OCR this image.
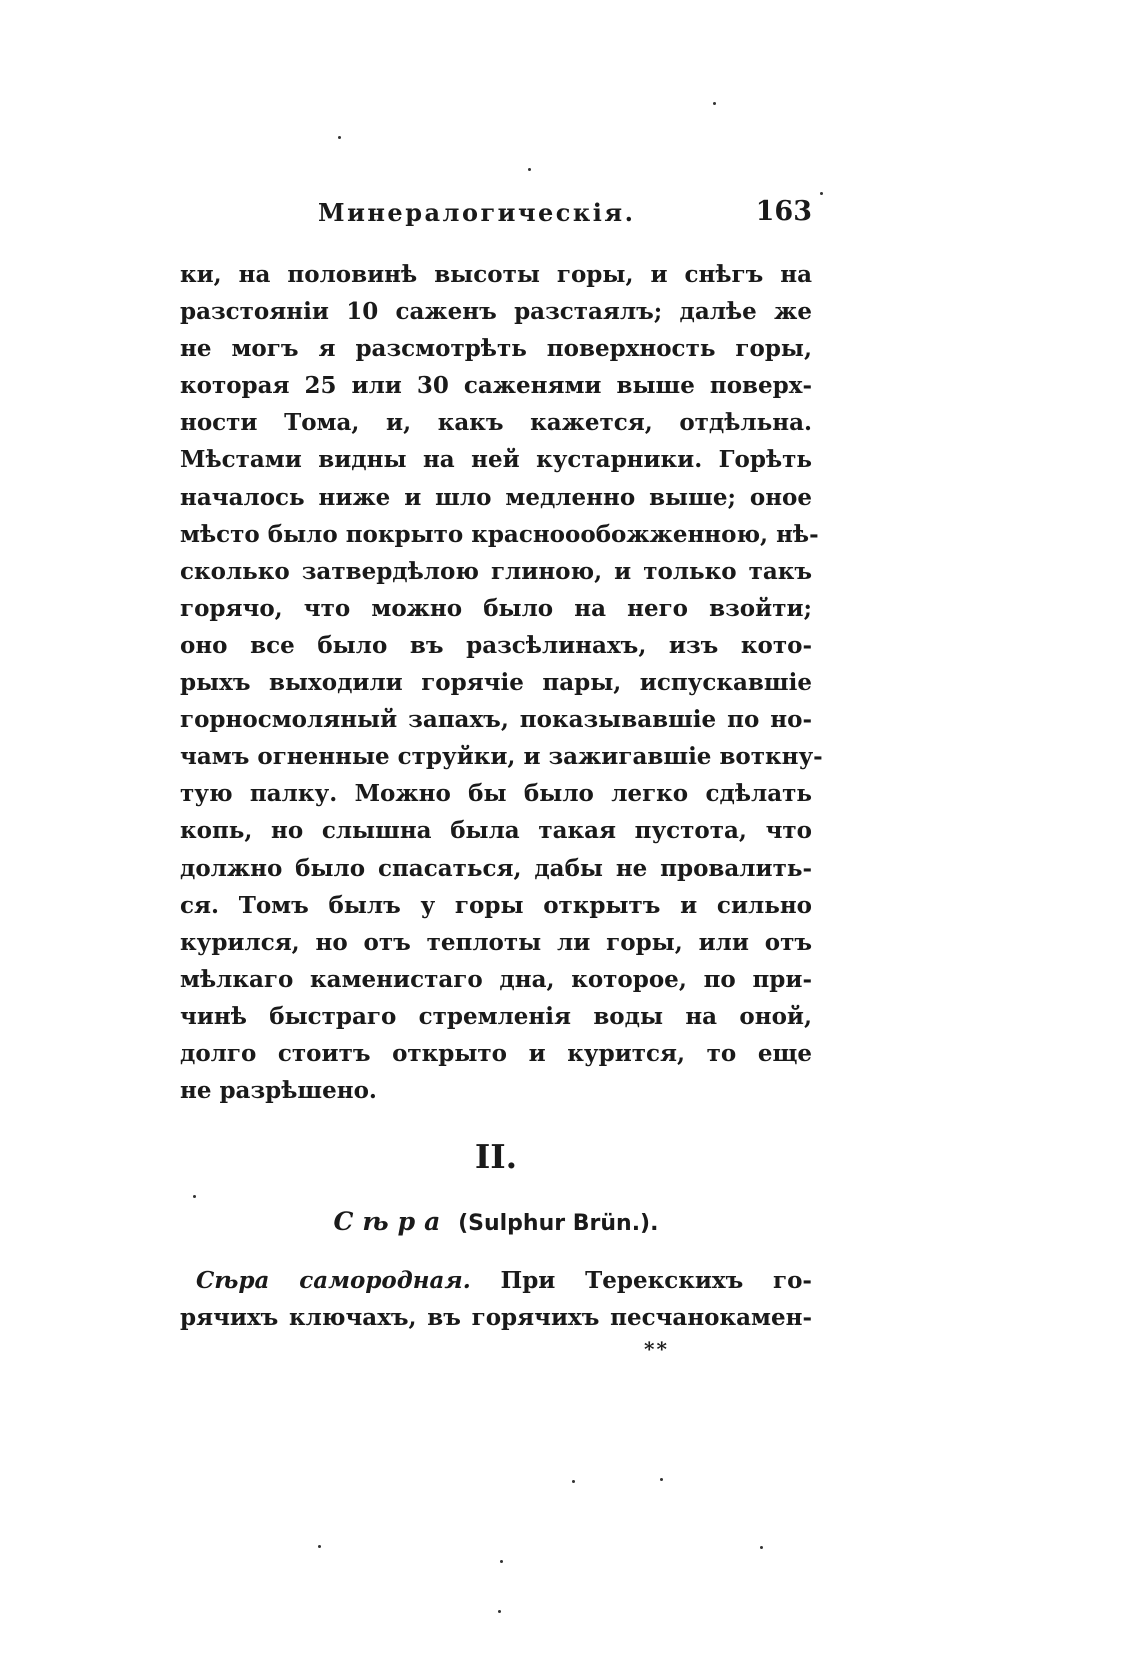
Минералогическія.	163
ки, на половинѣ высоты горы, и снѣгъ на
разстояніи 10 саженъ разстаялъ; далѣе же
не могъ я разсмотрѣть поверхность горы,
которая 25 или 30 саженями выше поверх-
ности Тома, и, какъ кажется, отдѣльна.
Мѣстами видны на ней кустарники. Горѣть
началось ниже и шло медленно выше; оное
мѣсто было покрыто красноообожженною, нѣ-
сколько затвердѣлою глиною, и только такъ
горячо, что можно было на него взойти;
оно все было въ разсѣлинахъ, изъ кото-
рыхъ выходили горячіе пары, испускавшіе
горносмоляный запахъ, показывавшіе по но-
чамъ огненные струйки, и зажигавшіе воткну-
тую палку. Можно бы было легко сдѣлать
копь, но слышна была такая пустота, что
должно было спасаться, дабы не провалить-
ся. Томъ былъ у горы открытъ и сильно
курился, но отъ теплоты ли горы, или отъ
мѣлкаго каменистаго дна, которое, по при-
чинѣ быстраго стремленія воды на оной,
долго стоитъ открыто и курится, то еще
не разрѣшено.
II.
Сѣра (Sulphur Brün.).
Сѣра самородная. При Терекскихъ го-
рячихъ ключахъ, въ горячихъ песчанокамен-
**
